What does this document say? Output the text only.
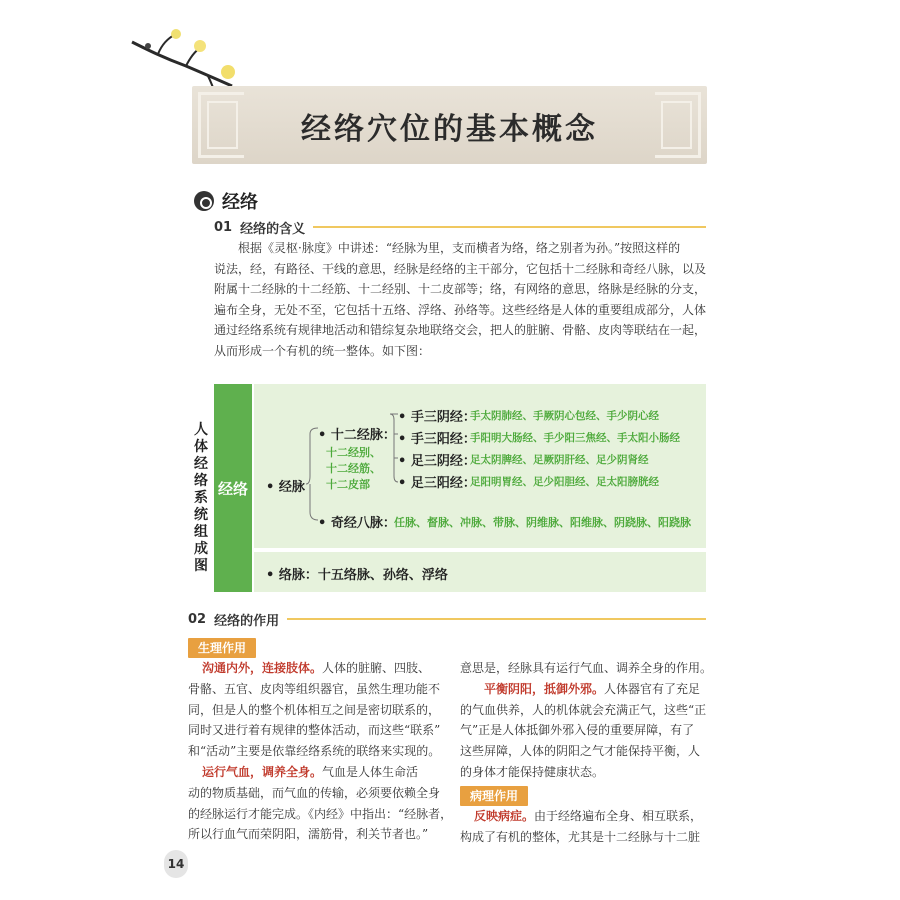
经络穴位的基本概念
经络
01 经络的含义
根据《灵枢·脉度》中讲述：“经脉为里，支而横者为络，络之别者为孙。”按照这样的
说法，经，有路径、干线的意思，经脉是经络的主干部分，它包括十二经脉和奇经八脉，以及
附属十二经脉的十二经筋、十二经别、十二皮部等；络，有网络的意思，络脉是经脉的分支，
遍布全身，无处不至，它包括十五络、浮络、孙络等。这些经络是人体的重要组成部分，人体
通过经络系统有规律地活动和错综复杂地联络交会，把人的脏腑、骨骼、皮肉等联结在一起，
从而形成一个有机的统一整体。如下图：
人体经络系统组成图
经络	• 经脉
• 十二经脉：
十二经别、
十二经筋、
十二皮部
• 手三阴经：
手太阴肺经、手厥阴心包经、手少阴心经
• 手三阳经：
手阳明大肠经、手少阳三焦经、手太阳小肠经
• 足三阴经：
足太阴脾经、足厥阴肝经、足少阴肾经
• 足三阳经：
足阳明胃经、足少阳胆经、足太阳膀胱经
• 奇经八脉：
任脉、督脉、冲脉、带脉、阴维脉、阳维脉、阴跷脉、阳跷脉
• 络脉：十五络脉、孙络、浮络
02 经络的作用
生理作用
沟通内外，连接肢体。人体的脏腑、四肢、
骨骼、五官、皮肉等组织器官，虽然生理功能不
同，但是人的整个机体相互之间是密切联系的，
同时又进行着有规律的整体活动，而这些“联系”
和“活动”主要是依靠经络系统的联络来实现的。
运行气血，调养全身。气血是人体生命活
动的物质基础，而气血的传输，必须要依赖全身
的经脉运行才能完成。《内经》中指出：“经脉者，
所以行血气而荣阴阳，濡筋骨，利关节者也。”
意思是，经脉具有运行气血、调养全身的作用。
平衡阴阳，抵御外邪。人体器官有了充足
的气血供养，人的机体就会充满正气，这些“正
气”正是人体抵御外邪入侵的重要屏障，有了
这些屏障，人体的阴阳之气才能保持平衡，人
的身体才能保持健康状态。
病理作用
反映病症。由于经络遍布全身、相互联系，
构成了有机的整体，尤其是十二经脉与十二脏
14
